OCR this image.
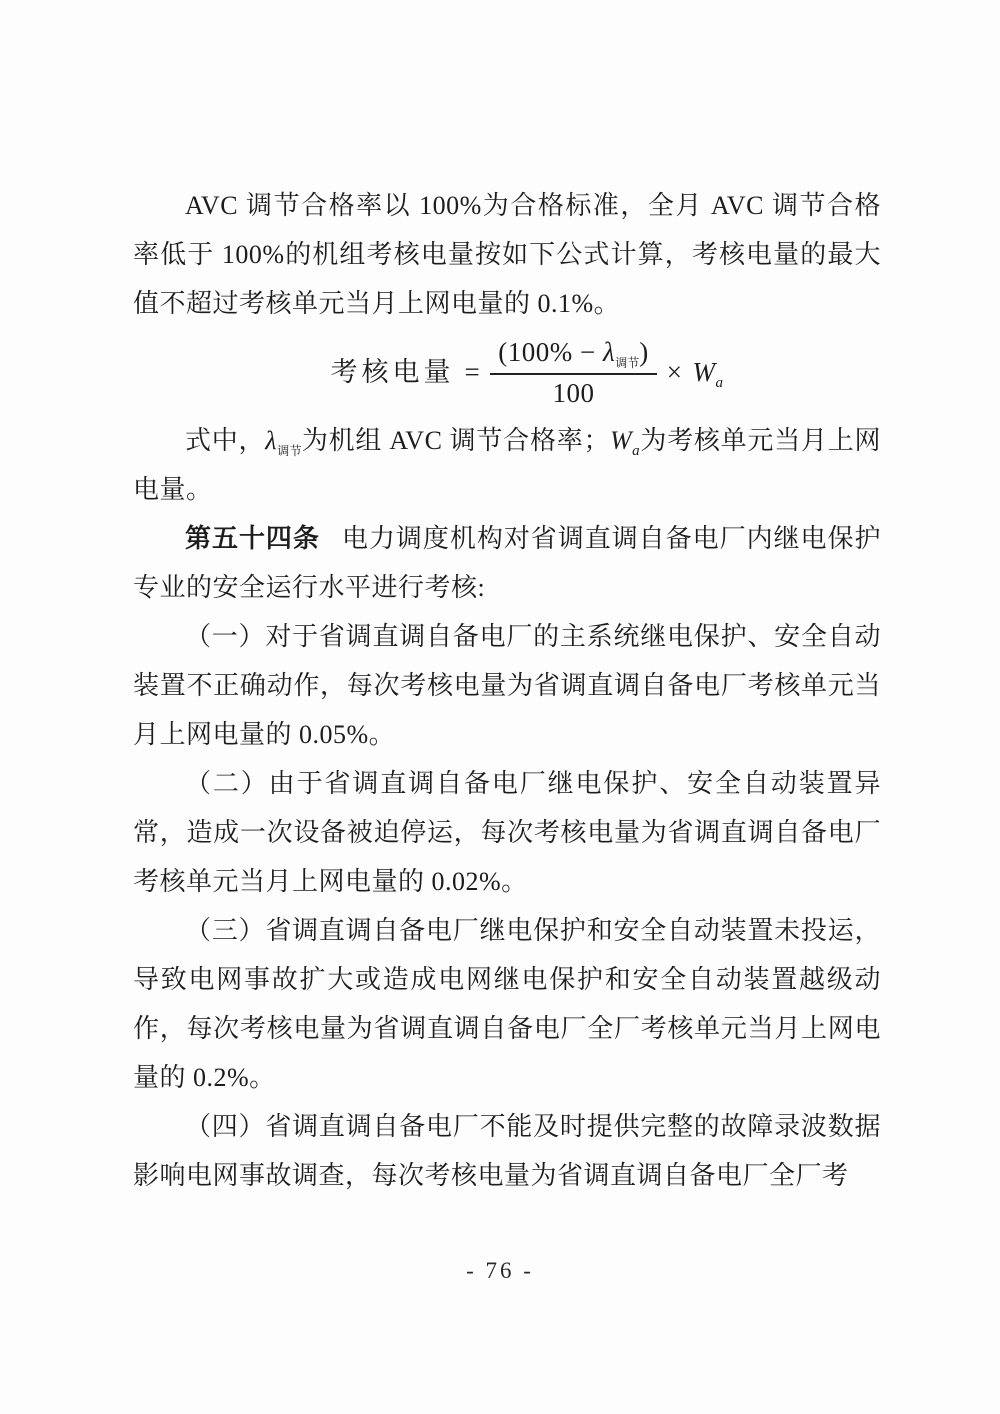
AVC 调节合格率以 100%为合格标准，全月 AVC 调节合格率低于 100%的机组考核电量按如下公式计算，考核电量的最大值不超过考核单元当月上网电量的 0.1%。

考核电量 = $\frac{(100\% - \lambda_{调节})}{100} \times W_a$

式中，$\lambda_{调节}$为机组 AVC 调节合格率；$W_a$为考核单元当月上网电量。

第五十四条 电力调度机构对省调直调自备电厂内继电保护专业的安全运行水平进行考核:

（一）对于省调直调自备电厂的主系统继电保护、安全自动装置不正确动作，每次考核电量为省调直调自备电厂考核单元当月上网电量的 0.05%。

（二）由于省调直调自备电厂继电保护、安全自动装置异常，造成一次设备被迫停运，每次考核电量为省调直调自备电厂考核单元当月上网电量的 0.02%。

（三）省调直调自备电厂继电保护和安全自动装置未投运，导致电网事故扩大或造成电网继电保护和安全自动装置越级动作，每次考核电量为省调直调自备电厂全厂考核单元当月上网电量的 0.2%。

（四）省调直调自备电厂不能及时提供完整的故障录波数据影响电网事故调查，每次考核电量为省调直调自备电厂全厂考

- 76 -
